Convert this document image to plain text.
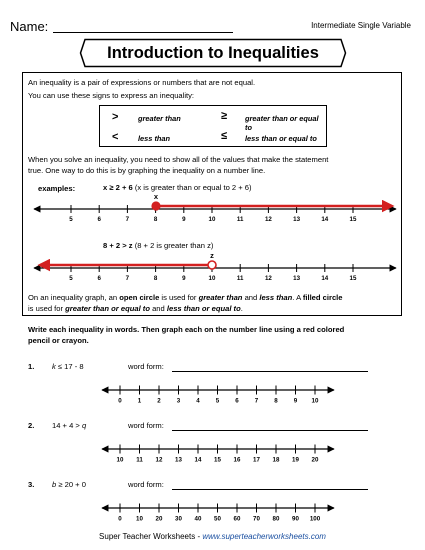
Name:	Intermediate Single Variable
Introduction to Inequalities
An inequality is a pair of expressions or numbers that are not equal.
You can use these signs to express an inequality:
>	greater than	≥ greater than or equal to
<	less than	≤ less than or equal to
When you solve an inequality, you need to show all of the values that make the statement
true. One way to do this is by graphing the inequality on a number line.
examples:	x ≥ 2 + 6 (x is greater than or equal to 2 + 6)
5	6	7	8	9	10	11	12	13	14	15
x
8 + 2 > z (8 + 2 is greater than z)
5	6	7	8	9	10	11	12	13	14	15
z
On an inequality graph, an open circle is used for greater than and less than. A filled circle
is used for greater than or equal to and less than or equal to.
Write each inequality in words. Then graph each on the number line using a red colored
pencil or crayon.
1. k ≤ 17 - 8	word form:
0	1	2	3	4	5	6	7	8	9 10
2. 14 + 4 > q	word form:
10 11 12 13 14 15 16 17 18 19 20
3. b ≥ 20 + 0	word form:
0 10 20 30 40 50 60 70 80 90 100
Super Teacher Worksheets - www.superteacherworksheets.com
